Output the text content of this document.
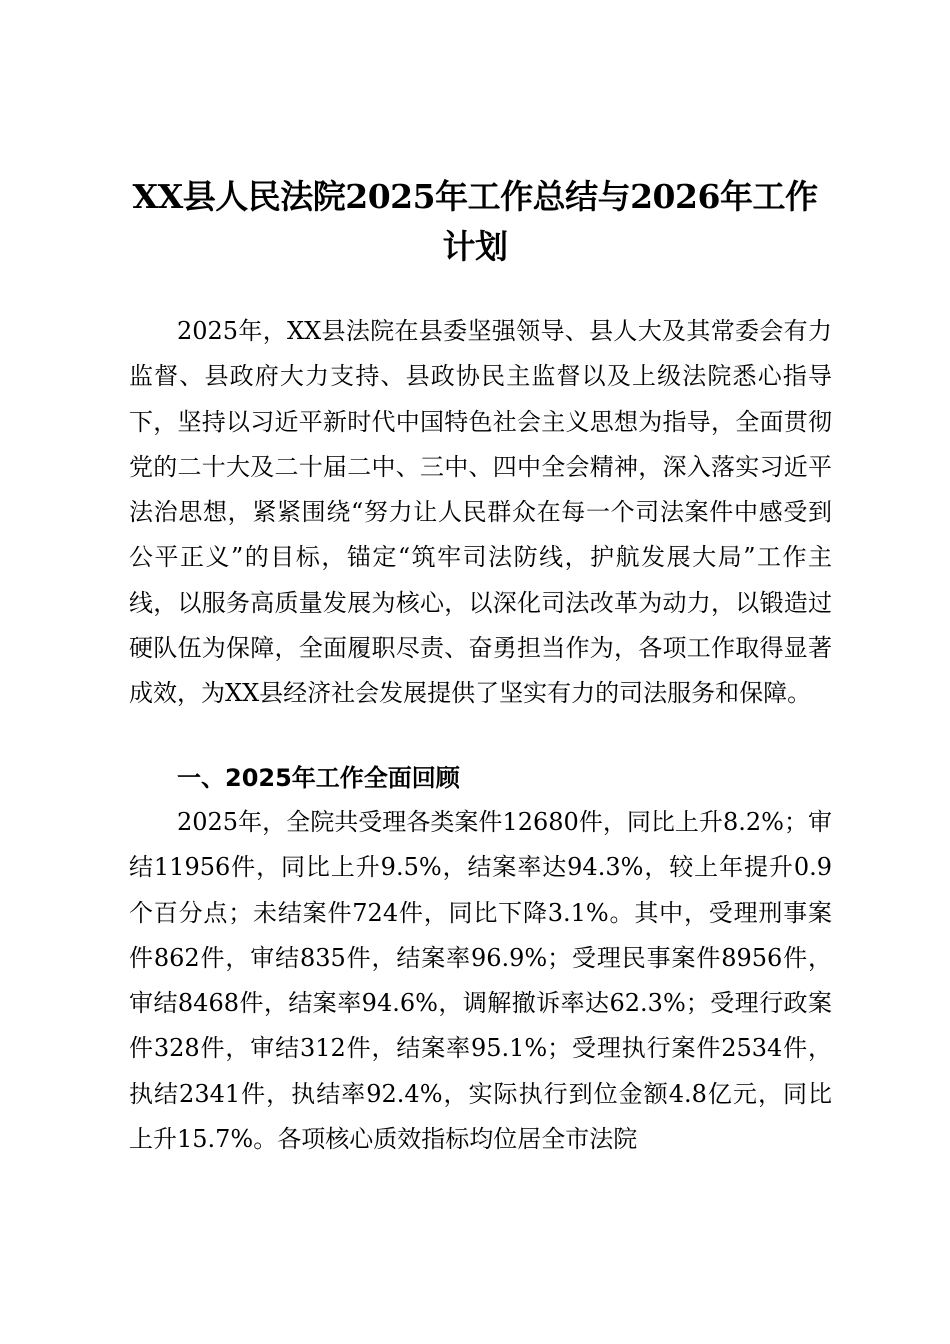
XX县人民法院2025年工作总结与2026年工作计划

2025年，XX县法院在县委坚强领导、县人大及其常委会有力监督、县政府大力支持、县政协民主监督以及上级法院悉心指导下，坚持以习近平新时代中国特色社会主义思想为指导，全面贯彻党的二十大及二十届二中、三中、四中全会精神，深入落实习近平法治思想，紧紧围绕“努力让人民群众在每一个司法案件中感受到公平正义”的目标，锚定“筑牢司法防线，护航发展大局”工作主线，以服务高质量发展为核心，以深化司法改革为动力，以锻造过硬队伍为保障，全面履职尽责、奋勇担当作为，各项工作取得显著成效，为XX县经济社会发展提供了坚实有力的司法服务和保障。

一、2025年工作全面回顾

2025年，全院共受理各类案件12680件，同比上升8.2%；审结11956件，同比上升9.5%，结案率达94.3%，较上年提升0.9个百分点；未结案件724件，同比下降3.1%。其中，受理刑事案件862件，审结835件，结案率96.9%；受理民事案件8956件，审结8468件，结案率94.6%，调解撤诉率达62.3%；受理行政案件328件，审结312件，结案率95.1%；受理执行案件2534件，执结2341件，执结率92.4%，实际执行到位金额4.8亿元，同比上升15.7%。各项核心质效指标均位居全市法院
